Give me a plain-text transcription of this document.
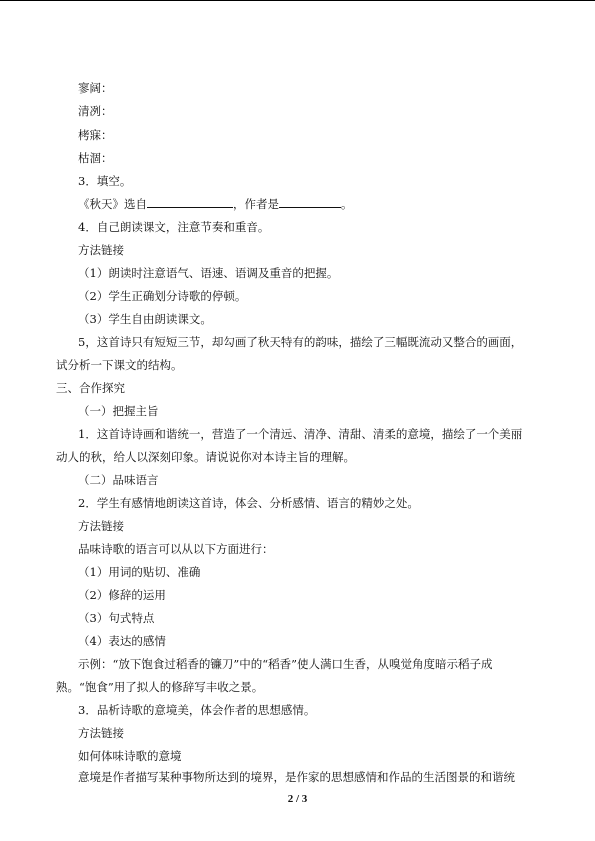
寥阔：
清冽：
栲寐：
枯涸：
3．填空。
《秋天》选自	，作者是	。
4．自己朗读课文，注意节奏和重音。
方法链接
（1）朗读时注意语气、语速、语调及重音的把握。
（2）学生正确划分诗歌的停顿。
（3）学生自由朗读课文。
5，这首诗只有短短三节，却勾画了秋天特有的韵味，描绘了三幅既流动又整合的画面，
试分析一下课文的结构。
三、合作探究
（一）把握主旨
1．这首诗诗画和谐统一，营造了一个清远、清净、清甜、清柔的意境，描绘了一个美丽
动人的秋，给人以深刻印象。请说说你对本诗主旨的理解。
（二）品味语言
2．学生有感情地朗读这首诗，体会、分析感情、语言的精妙之处。
方法链接
品味诗歌的语言可以从以下方面进行：
（1）用词的贴切、准确
（2）修辞的运用
（3）句式特点
（4）表达的感情
示例：“放下饱食过稻香的镰刀”中的“稻香”使人满口生香，从嗅觉角度暗示稻子成
熟。“饱食”用了拟人的修辞写丰收之景。
3．品析诗歌的意境美，体会作者的思想感情。
方法链接
如何体味诗歌的意境
意境是作者描写某种事物所达到的境界，是作家的思想感情和作品的生活图景的和谐统
2 / 3
